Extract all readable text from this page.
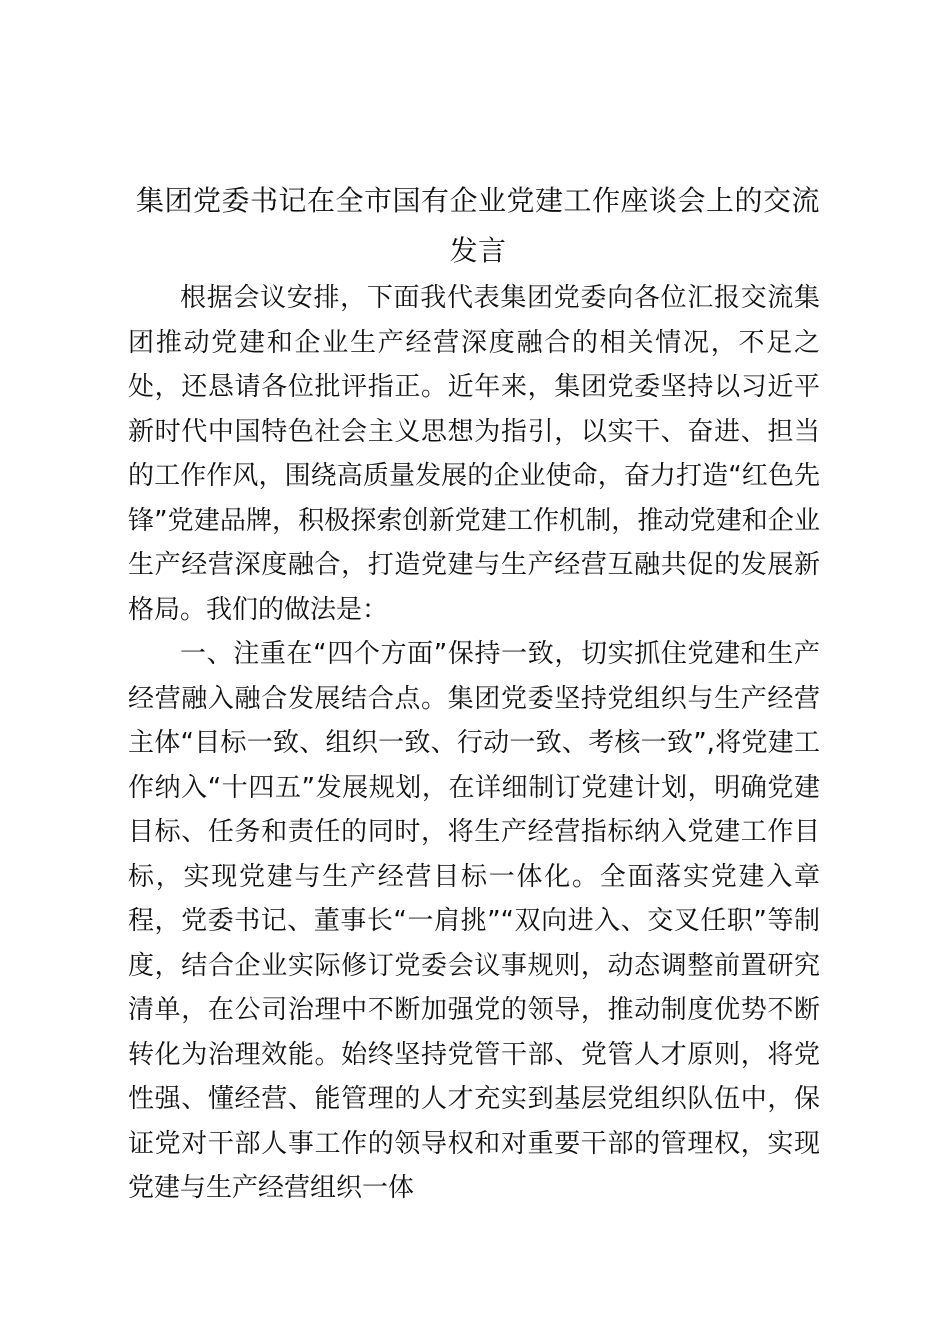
集团党委书记在全市国有企业党建工作座谈会上的交流
发言

根据会议安排，下面我代表集团党委向各位汇报交流集团推动党建和企业生产经营深度融合的相关情况，不足之处，还恳请各位批评指正。近年来，集团党委坚持以习近平新时代中国特色社会主义思想为指引，以实干、奋进、担当的工作作风，围绕高质量发展的企业使命，奋力打造“红色先锋”党建品牌，积极探索创新党建工作机制，推动党建和企业生产经营深度融合，打造党建与生产经营互融共促的发展新格局。我们的做法是：

一、注重在“四个方面”保持一致，切实抓住党建和生产经营融入融合发展结合点。集团党委坚持党组织与生产经营主体“目标一致、组织一致、行动一致、考核一致”,将党建工作纳入“十四五”发展规划，在详细制订党建计划，明确党建目标、任务和责任的同时，将生产经营指标纳入党建工作目标，实现党建与生产经营目标一体化。全面落实党建入章程，党委书记、董事长“一肩挑”“双向进入、交叉任职”等制度，结合企业实际修订党委会议事规则，动态调整前置研究清单，在公司治理中不断加强党的领导，推动制度优势不断转化为治理效能。始终坚持党管干部、党管人才原则，将党性强、懂经营、能管理的人才充实到基层党组织队伍中，保证党对干部人事工作的领导权和对重要干部的管理权，实现党建与生产经营组织一体
